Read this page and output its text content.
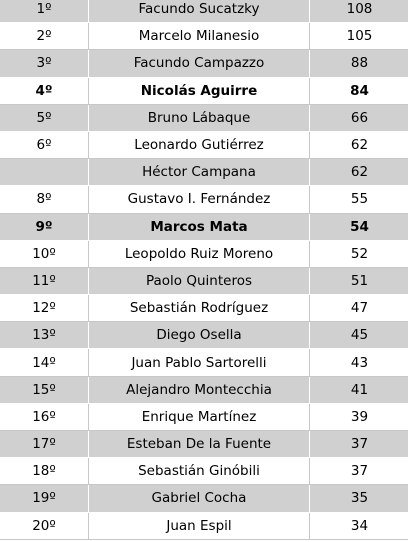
1º	Facundo Sucatzky	108
2º	Marcelo Milanesio	105
3º	Facundo Campazzo	88
4º	Nicolás Aguirre	84
5º	Bruno Lábaque	66
6º	Leonardo Gutiérrez	62
	Héctor Campana	62
8º	Gustavo I. Fernández	55
9º	Marcos Mata	54
10º	Leopoldo Ruiz Moreno	52
11º	Paolo Quinteros	51
12º	Sebastián Rodríguez	47
13º	Diego Osella	45
14º	Juan Pablo Sartorelli	43
15º	Alejandro Montecchia	41
16º	Enrique Martínez	39
17º	Esteban De la Fuente	37
18º	Sebastián Ginóbili	37
19º	Gabriel Cocha	35
20º	Juan Espil	34
